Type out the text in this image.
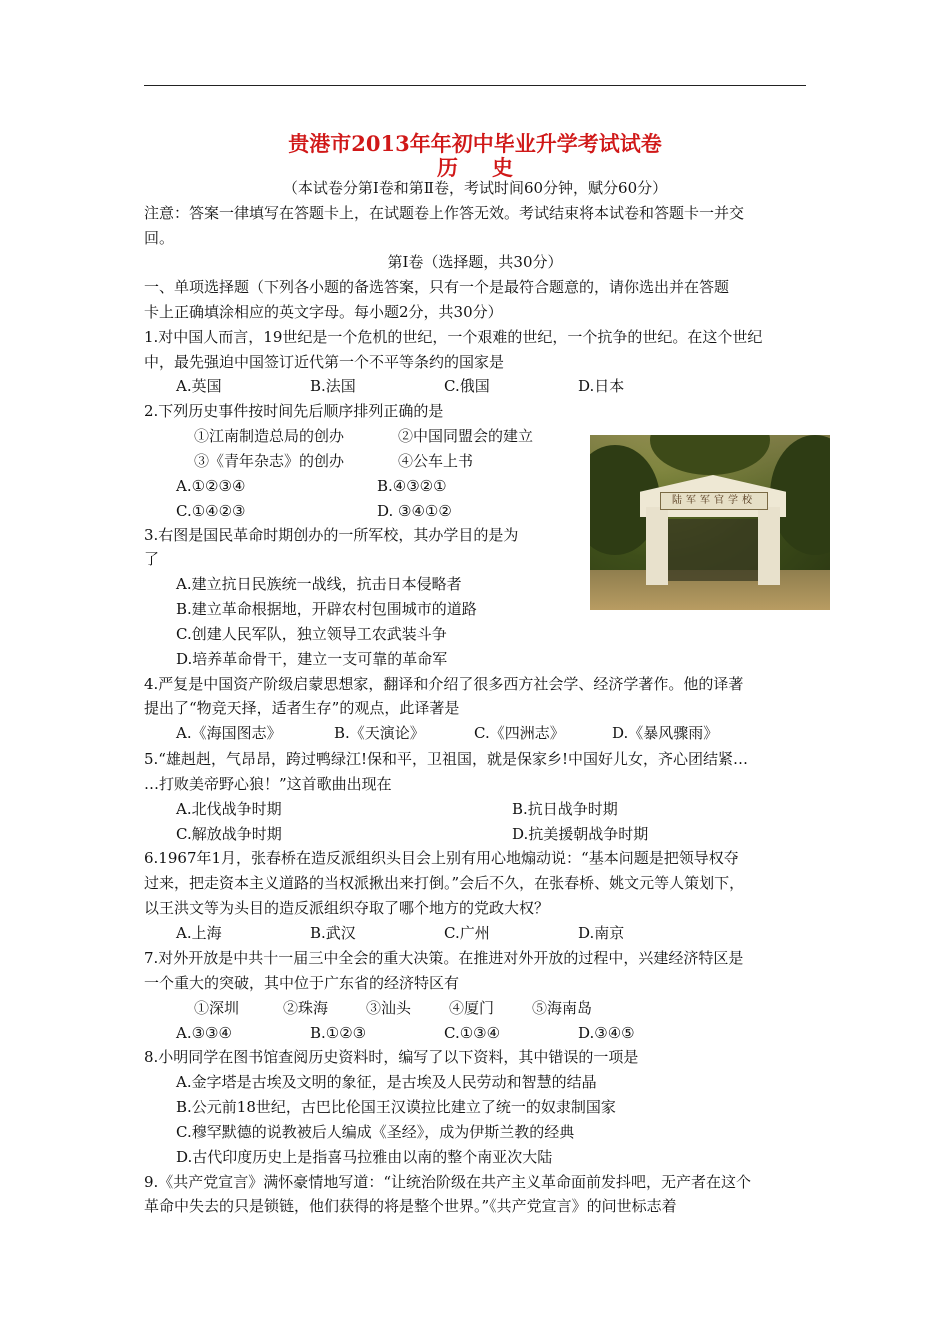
贵港市2013年年初中毕业升学考试试卷
历史
（本试卷分第Ⅰ卷和第Ⅱ卷，考试时间60分钟，赋分60分）
注意：答案一律填写在答题卡上，在试题卷上作答无效。考试结束将本试卷和答题卡一并交
回。
第Ⅰ卷（选择题，共30分）
一、单项选择题（下列各小题的备选答案，只有一个是最符合题意的，请你选出并在答题
卡上正确填涂相应的英文字母。每小题2分，共30分）
1.对中国人而言，19世纪是一个危机的世纪，一个艰难的世纪，一个抗争的世纪。在这个世纪
中，最先强迫中国签订近代第一个不平等条约的国家是
A.英国	B.法国	C.俄国	D.日本
2.下列历史事件按时间先后顺序排列正确的是
①江南制造总局的创办	②中国同盟会的建立
③《青年杂志》的创办	④公车上书
A.①②③④	B.④③②①
C.①④②③	D. ③④①②
陆军军官学校
3.右图是国民革命时期创办的一所军校，其办学目的是为
了
A.建立抗日民族统一战线，抗击日本侵略者
B.建立革命根据地，开辟农村包围城市的道路
C.创建人民军队，独立领导工农武装斗争
D.培养革命骨干，建立一支可靠的革命军
4.严复是中国资产阶级启蒙思想家，翻译和介绍了很多西方社会学、经济学著作。他的译著
提出了“物竞天择，适者生存”的观点，此译著是
A.《海国图志》	B.《天演论》	C.《四洲志》	D.《暴风骤雨》
5.“雄赳赳，气昂昂，跨过鸭绿江!保和平，卫祖国，就是保家乡!中国好儿女，齐心团结紧…
…打败美帝野心狼！”这首歌曲出现在
A.北伐战争时期	B.抗日战争时期
C.解放战争时期	D.抗美援朝战争时期
6.1967年1月，张春桥在造反派组织头目会上别有用心地煽动说：“基本问题是把领导权夺
过来，把走资本主义道路的当权派揪出来打倒。”会后不久，在张春桥、姚文元等人策划下，
以王洪文等为头目的造反派组织夺取了哪个地方的党政大权？
A.上海	B.武汉	C.广州	D.南京
7.对外开放是中共十一届三中全会的重大决策。在推进对外开放的过程中，兴建经济特区是
一个重大的突破，其中位于广东省的经济特区有
①深圳	②珠海	③汕头	④厦门	⑤海南岛
A.③③④	B.①②③	C.①③④	D.③④⑤
8.小明同学在图书馆查阅历史资料时，编写了以下资料，其中错误的一项是
A.金字塔是古埃及文明的象征，是古埃及人民劳动和智慧的结晶
B.公元前18世纪，古巴比伦国王汉谟拉比建立了统一的奴隶制国家
C.穆罕默德的说教被后人编成《圣经》，成为伊斯兰教的经典
D.古代印度历史上是指喜马拉雅由以南的整个南亚次大陆
9.《共产党宣言》满怀豪情地写道：“让统治阶级在共产主义革命面前发抖吧，无产者在这个
革命中失去的只是锁链，他们获得的将是整个世界。”《共产党宣言》的问世标志着
